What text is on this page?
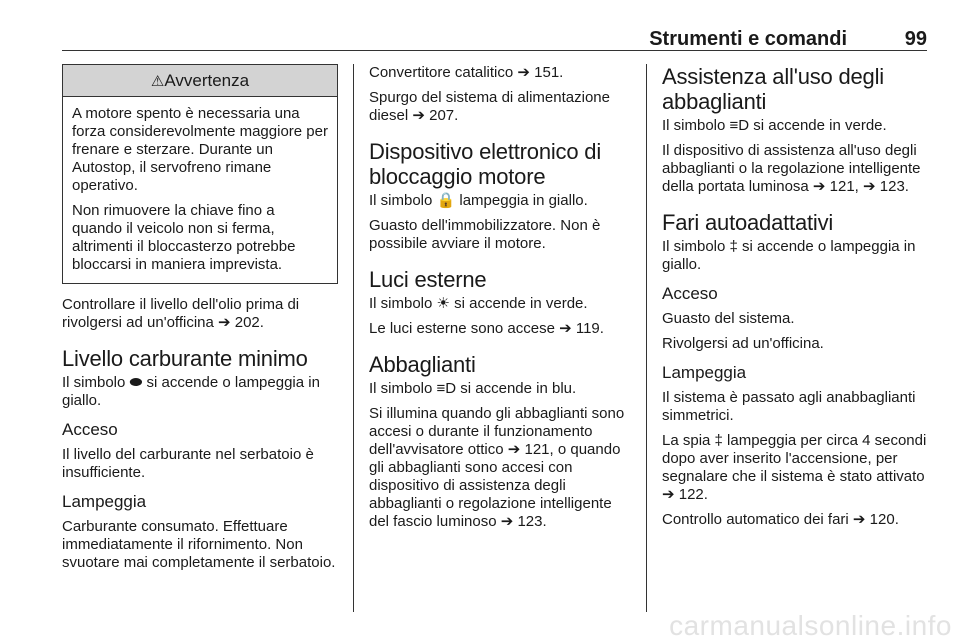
Strumenti e comandi	99
⚠Avvertenza

A motore spento è necessaria una forza considerevolmente maggiore per frenare e sterzare. Durante un Autostop, il servofreno rimane operativo.

Non rimuovere la chiave fino a quando il veicolo non si ferma, altrimenti il bloccasterzo potrebbe bloccarsi in maniera imprevista.

Controllare il livello dell'olio prima di rivolgersi ad un'officina ➔ 202.

Livello carburante minimo

Il simbolo ⬬ si accende o lampeggia in giallo.

Acceso

Il livello del carburante nel serbatoio è insufficiente.

Lampeggia

Carburante consumato. Effettuare immediatamente il rifornimento. Non svuotare mai completamente il serbatoio.

Convertitore catalitico ➔ 151.

Spurgo del sistema di alimentazione diesel ➔ 207.

Dispositivo elettronico di bloccaggio motore

Il simbolo 🔒 lampeggia in giallo.

Guasto dell'immobilizzatore. Non è possibile avviare il motore.

Luci esterne

Il simbolo ☀ si accende in verde.

Le luci esterne sono accese ➔ 119.

Abbaglianti

Il simbolo ≡D si accende in blu.

Si illumina quando gli abbaglianti sono accesi o durante il funzionamento dell'avvisatore ottico ➔ 121, o quando gli abbaglianti sono accesi con dispositivo di assistenza degli abbaglianti o regolazione intelligente del fascio luminoso ➔ 123.

Assistenza all'uso degli abbaglianti

Il simbolo ≡D si accende in verde.

Il dispositivo di assistenza all'uso degli abbaglianti o la regolazione intelligente della portata luminosa ➔ 121, ➔ 123.

Fari autoadattativi

Il simbolo ‡ si accende o lampeggia in giallo.

Acceso

Guasto del sistema.

Rivolgersi ad un'officina.

Lampeggia

Il sistema è passato agli anabbaglianti simmetrici.

La spia ‡ lampeggia per circa 4 secondi dopo aver inserito l'accensione, per segnalare che il sistema è stato attivato ➔ 122.

Controllo automatico dei fari ➔ 120.

carmanualsonline.info
